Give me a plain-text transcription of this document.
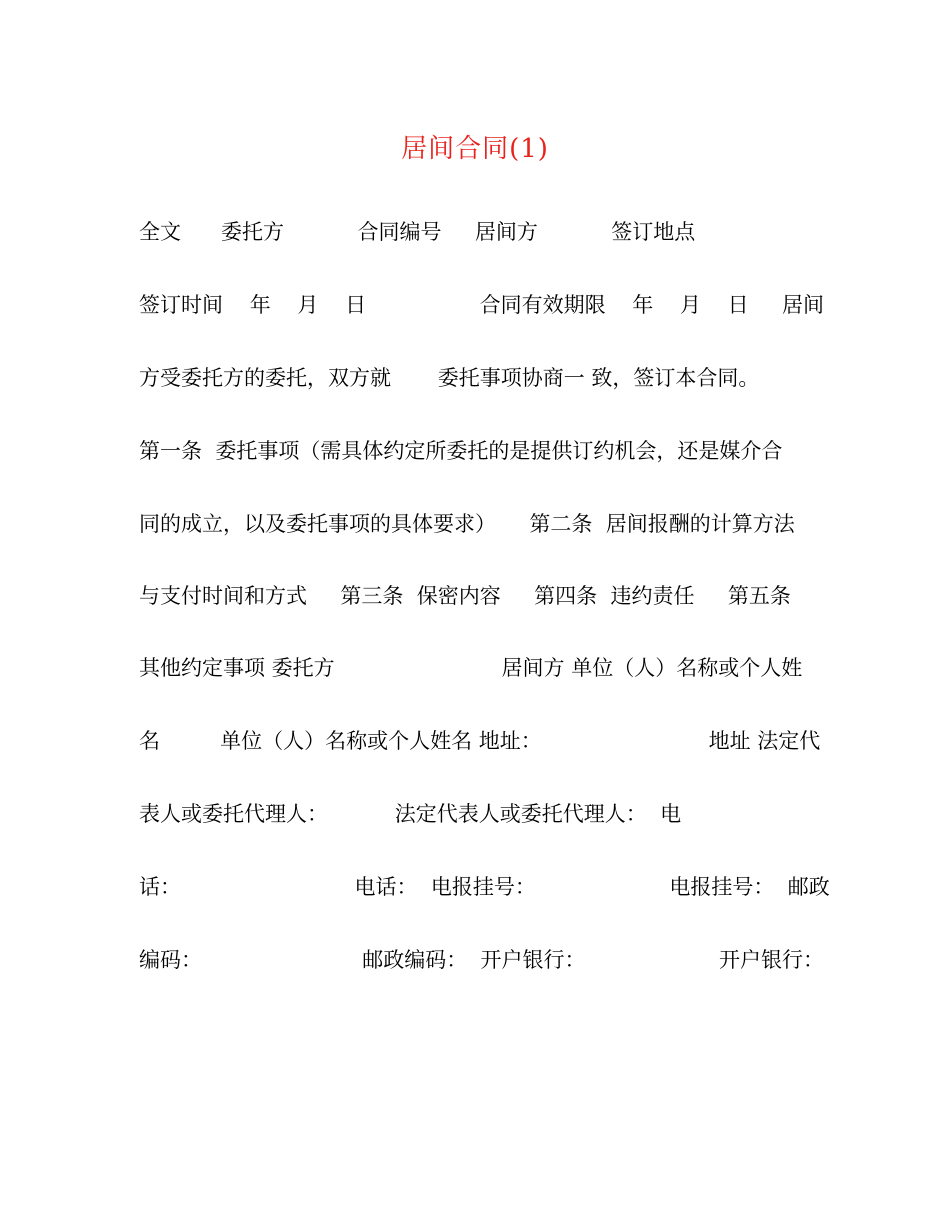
居间合同(1)
全文      委托方           合同编号     居间方           签订地点
签订时间    年    月    日                 合同有效期限    年    月    日     居间
方受委托方的委托，双方就       委托事项协商一 致，签订本合同。
第一条  委托事项（需具体约定所委托的是提供订约机会，还是媒介合
同的成立，以及委托事项的具体要求）     第二条  居间报酬的计算方法
与支付时间和方式     第三条  保密内容     第四条  违约责任     第五条
其他约定事项 委托方                         居间方 单位（人）名称或个人姓
名         单位（人）名称或个人姓名 地址：                         地址 法定代
表人或委托代理人：          法定代表人或委托代理人：  电
话：                          电话：  电报挂号：                    电报挂号：  邮政
编码：                        邮政编码：  开户银行：                    开户银行：
